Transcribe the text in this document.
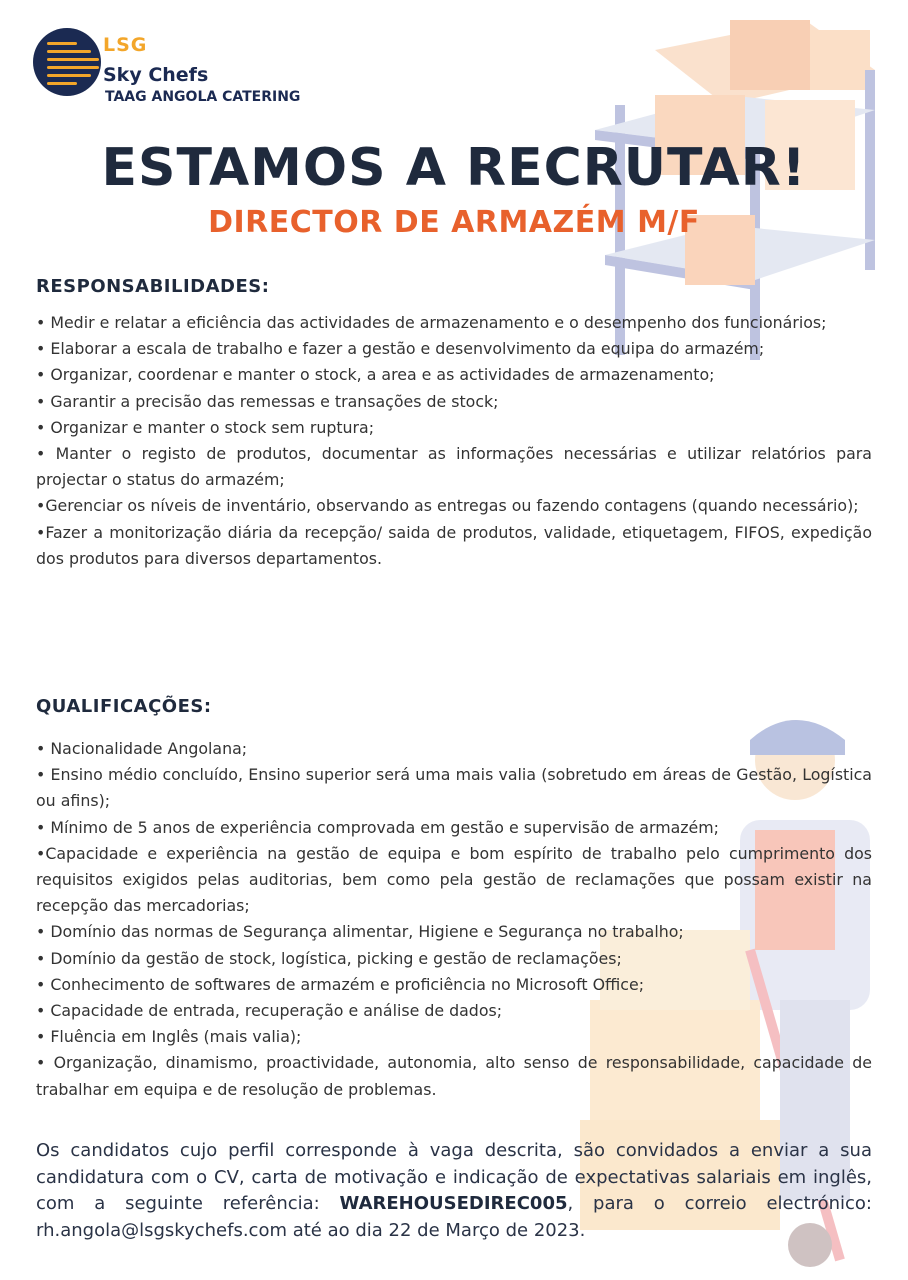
LSG
Sky Chefs
TAAG ANGOLA CATERING
ESTAMOS A RECRUTAR!
DIRECTOR DE ARMAZÉM M/F
RESPONSABILIDADES:

• Medir e relatar a eficiência das actividades de armazenamento e o desempenho dos funcionários;

• Elaborar a escala de trabalho e fazer a gestão e desenvolvimento da equipa do armazém;

• Organizar, coordenar e manter o stock, a area e as actividades de armazenamento;

• Garantir a precisão das remessas e transações de stock;

• Organizar e manter o stock sem ruptura;

• Manter o registo de produtos, documentar as informações necessárias e utilizar relatórios para projectar o status do armazém;

•Gerenciar os níveis de inventário, observando as entregas ou fazendo contagens (quando necessário);

•Fazer a monitorização diária da recepção/ saida de produtos, validade, etiquetagem, FIFOS, expedição dos produtos para diversos departamentos.

QUALIFICAÇÕES:

• Nacionalidade Angolana;

• Ensino médio concluído, Ensino superior será uma mais valia (sobretudo em áreas de Gestão, Logística ou afins);

• Mínimo de 5 anos de experiência comprovada em gestão e supervisão de armazém;

•Capacidade e experiência na gestão de equipa e bom espírito de trabalho pelo cumprimento dos requisitos exigidos pelas auditorias, bem como pela gestão de reclamações que possam existir na recepção das mercadorias;

• Domínio das normas de Segurança alimentar, Higiene e Segurança no trabalho;

• Domínio da gestão de stock, logística, picking e gestão de reclamações;

• Conhecimento de softwares de armazém e proficiência no Microsoft Office;

• Capacidade de entrada, recuperação e análise de dados;

• Fluência em Inglês (mais valia);

• Organização, dinamismo, proactividade, autonomia, alto senso de responsabilidade, capacidade de trabalhar em equipa e de resolução de problemas.

Os candidatos cujo perfil corresponde à vaga descrita, são convidados a enviar a sua candidatura com o CV, carta de motivação e indicação de expectativas salariais em inglês, com a seguinte referência: WAREHOUSEDIREC005, para o correio electrónico: rh.angola@lsgskychefs.com até ao dia 22 de Março de 2023.
